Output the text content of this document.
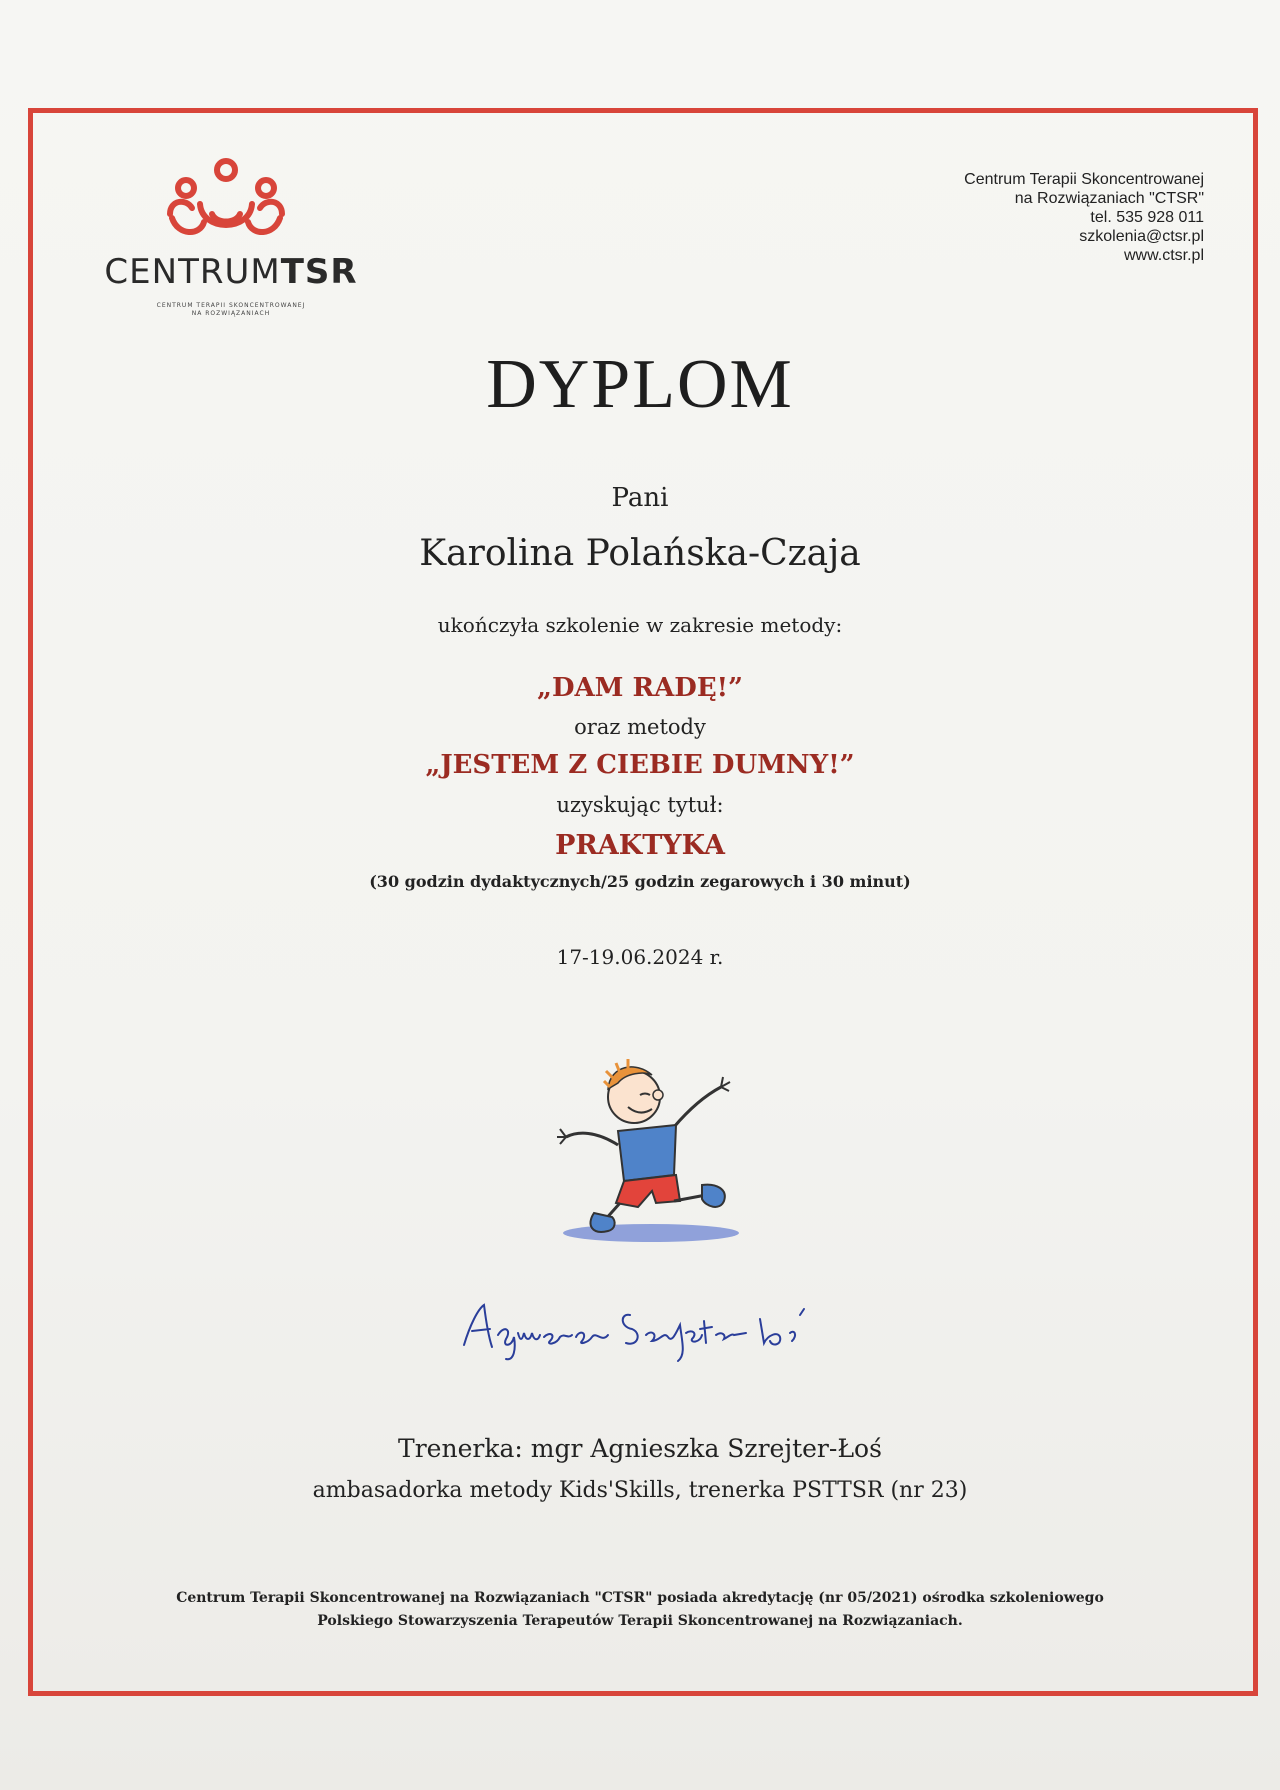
CENTRUMTSR
CENTRUM TERAPII SKONCENTROWANEJ
NA ROZWIĄZANIACH
Centrum Terapii Skoncentrowanej
na Rozwiązaniach "CTSR"
tel. 535 928 011
szkolenia@ctsr.pl
www.ctsr.pl
DYPLOM
Pani
Karolina Polańska-Czaja
ukończyła szkolenie w zakresie metody:
„DAM RADĘ!”
oraz metody
„JESTEM Z CIEBIE DUMNY!”
uzyskując tytuł:
PRAKTYKA
(30 godzin dydaktycznych/25 godzin zegarowych i 30 minut)
17-19.06.2024 r.
Trenerka: mgr Agnieszka Szrejter-Łoś
ambasadorka metody Kids'Skills, trenerka PSTTSR (nr 23)
Centrum Terapii Skoncentrowanej na Rozwiązaniach "CTSR" posiada akredytację (nr 05/2021) ośrodka szkoleniowego
Polskiego Stowarzyszenia Terapeutów Terapii Skoncentrowanej na Rozwiązaniach.
